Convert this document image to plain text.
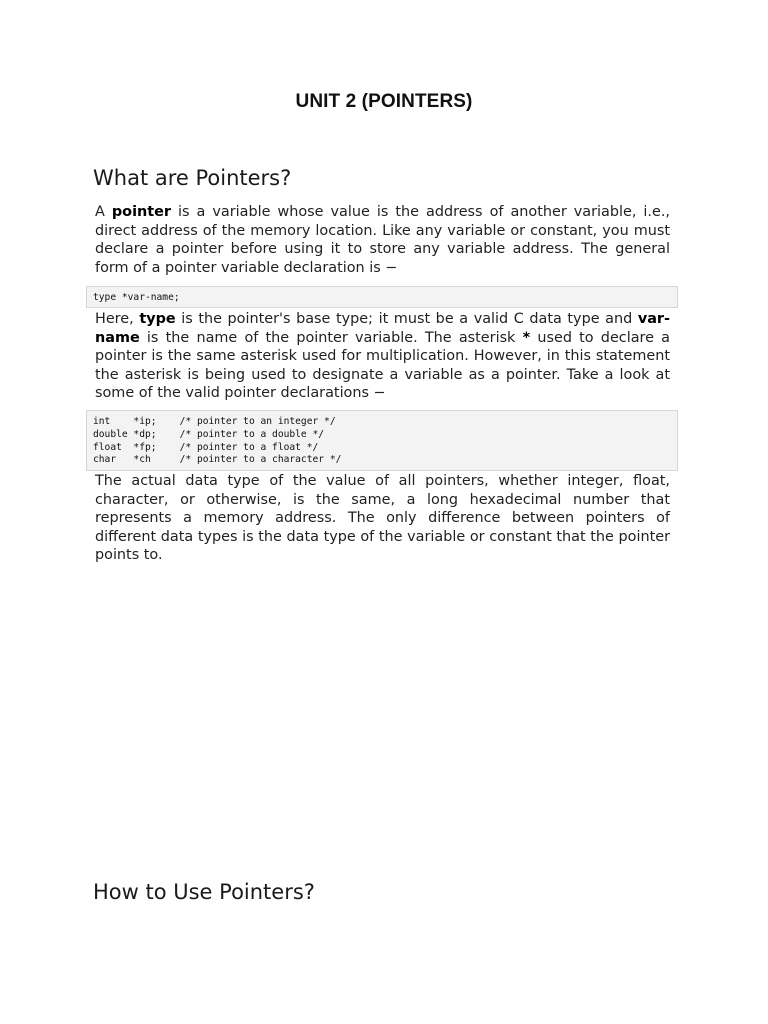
UNIT 2 (POINTERS)
What are Pointers?
A pointer is a variable whose value is the address of another variable, i.e., direct address of the memory location. Like any variable or constant, you must declare a pointer before using it to store any variable address. The general form of a pointer variable declaration is −
type *var-name;
Here, type is the pointer's base type; it must be a valid C data type and var-name is the name of the pointer variable. The asterisk * used to declare a pointer is the same asterisk used for multiplication. However, in this statement the asterisk is being used to designate a variable as a pointer. Take a look at some of the valid pointer declarations −
int    *ip;    /* pointer to an integer */
double *dp;    /* pointer to a double */
float  *fp;    /* pointer to a float */
char   *ch     /* pointer to a character */
The actual data type of the value of all pointers, whether integer, float, character, or otherwise, is the same, a long hexadecimal number that represents a memory address. The only difference between pointers of different data types is the data type of the variable or constant that the pointer points to.
How to Use Pointers?
